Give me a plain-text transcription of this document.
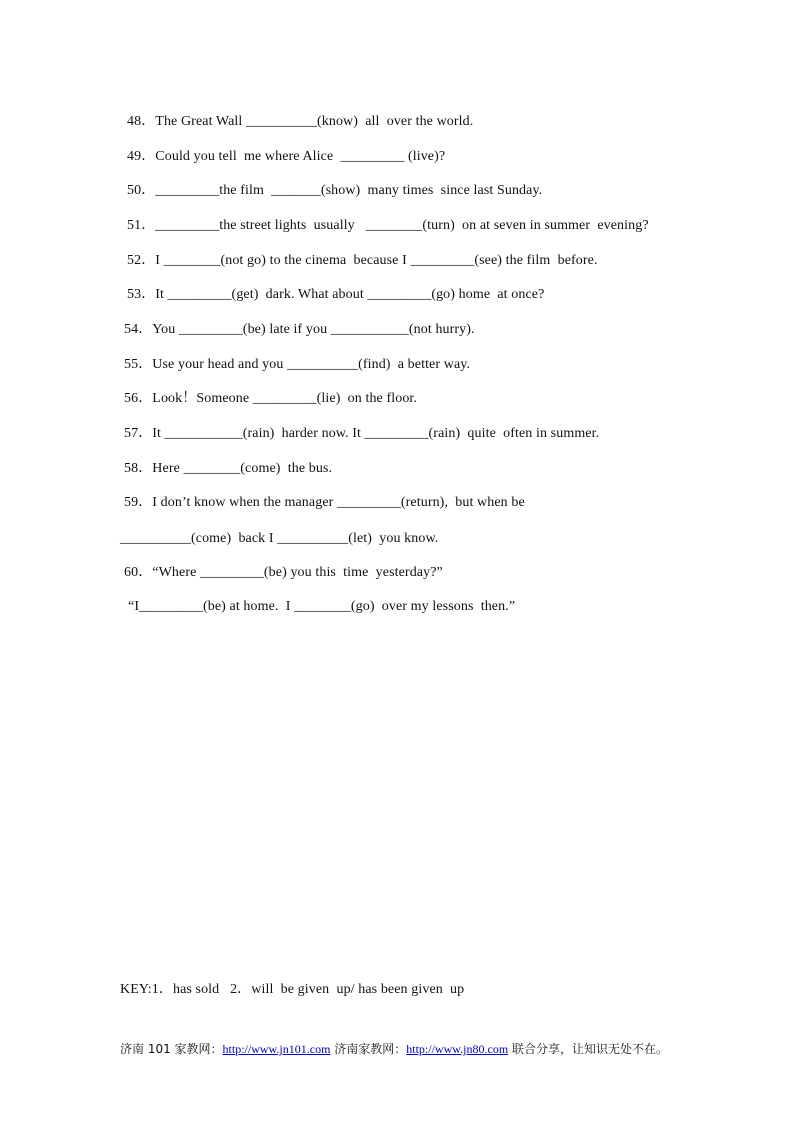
48．The Great Wall __________(know)  all  over the world.
49．Could you tell  me where Alice  _________ (live)?
50．_________the film  _______(show)  many times  since last Sunday.
51．_________the street lights  usually   ________(turn)  on at seven in summer  evening?
52．I ________(not go) to the cinema  because I _________(see) the film  before.
53．It _________(get)  dark. What about _________(go) home  at once?
54．You _________(be) late if you ___________(not hurry).
55．Use your head and you __________(find)  a better way.
56．Look！Someone _________(lie)  on the floor.
57．It ___________(rain)  harder now. It _________(rain)  quite  often in summer.
58．Here ________(come)  the bus.
59．I don’t know when the manager _________(return),  but when be
__________(come)  back I __________(let)  you know.
60．“Where _________(be) you this  time  yesterday?”
“I_________(be) at home.  I ________(go)  over my lessons  then.”
KEY:1．has sold   2．will  be given  up/ has been given  up
济南 101 家教网：http://www.jn101.com 济南家教网：http://www.jn80.com 联合分享，让知识无处不在。
